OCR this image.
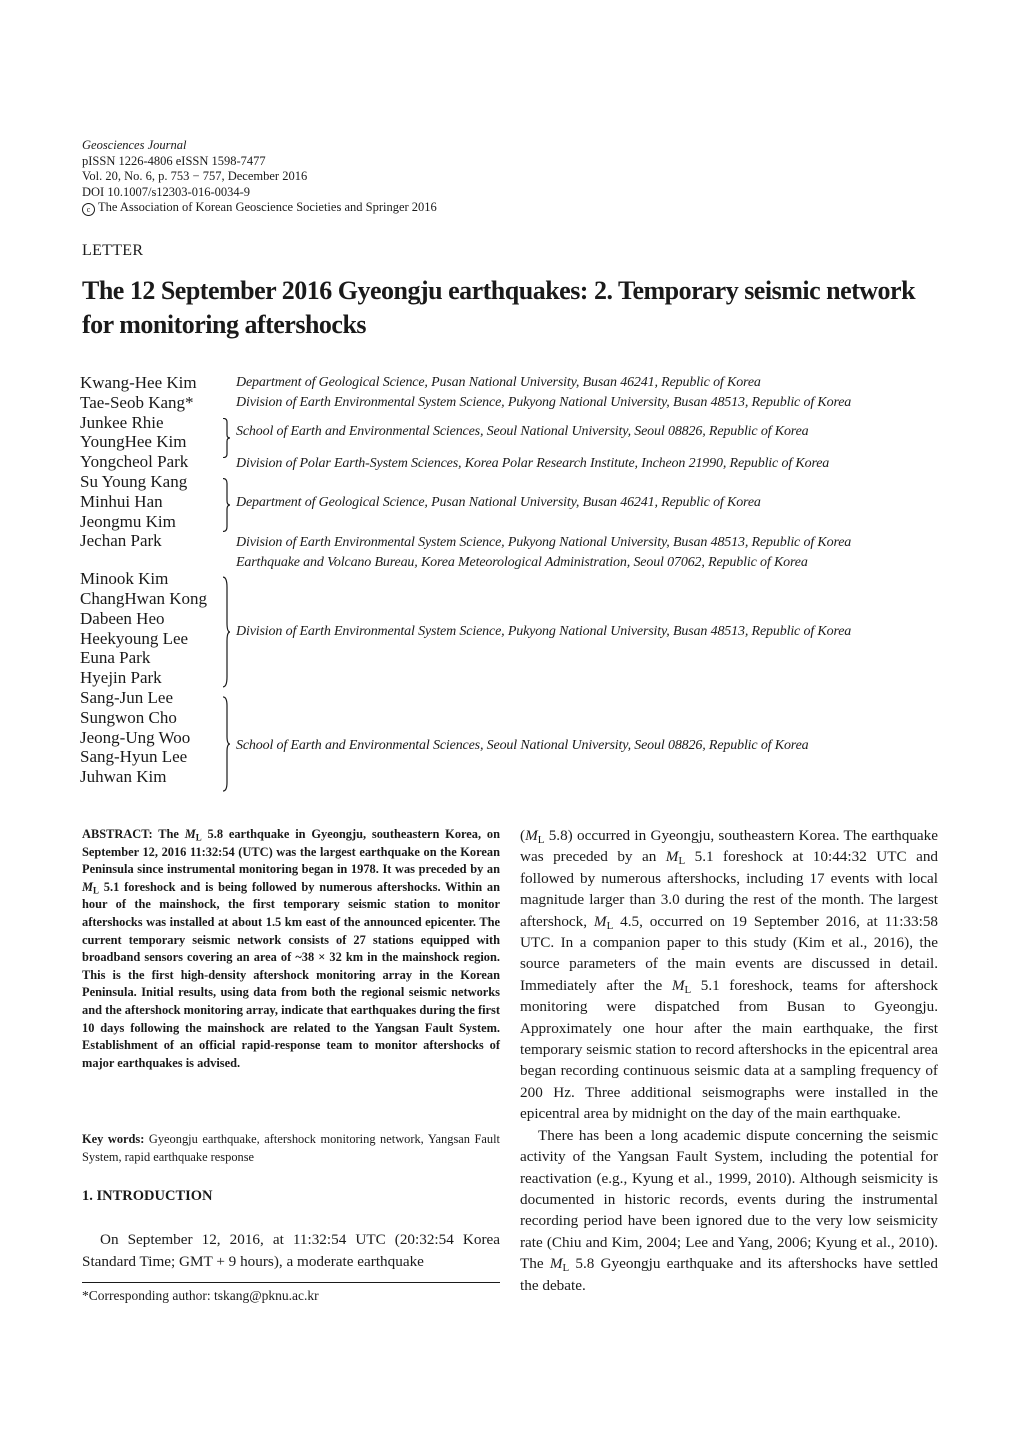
Geosciences Journal
pISSN 1226-4806 eISSN 1598-7477
Vol. 20, No. 6, p. 753 − 757, December 2016
DOI 10.1007/s12303-016-0034-9
c The Association of Korean Geoscience Societies and Springer 2016
LETTER
The 12 September 2016 Gyeongju earthquakes: 2. Temporary seismic network for monitoring aftershocks
Kwang-Hee Kim
Tae-Seob Kang*
Junkee Rhie
YoungHee Kim
Yongcheol Park
Su Young Kang
Minhui Han
Jeongmu Kim
Jechan Park
Minook Kim
ChangHwan Kong
Dabeen Heo
Heekyoung Lee
Euna Park
Hyejin Park
Sang-Jun Lee
Sungwon Cho
Jeong-Ung Woo
Sang-Hyun Lee
Juhwan Kim
Department of Geological Science, Pusan National University, Busan 46241, Republic of Korea
Division of Earth Environmental System Science, Pukyong National University, Busan 48513, Republic of Korea
School of Earth and Environmental Sciences, Seoul National University, Seoul 08826, Republic of Korea
Division of Polar Earth-System Sciences, Korea Polar Research Institute, Incheon 21990, Republic of Korea
Department of Geological Science, Pusan National University, Busan 46241, Republic of Korea
Division of Earth Environmental System Science, Pukyong National University, Busan 48513, Republic of Korea
Earthquake and Volcano Bureau, Korea Meteorological Administration, Seoul 07062, Republic of Korea
Division of Earth Environmental System Science, Pukyong National University, Busan 48513, Republic of Korea
School of Earth and Environmental Sciences, Seoul National University, Seoul 08826, Republic of Korea
ABSTRACT: The $M_L$ 5.8 earthquake in Gyeongju, southeastern Korea, on September 12, 2016 11:32:54 (UTC) was the largest earthquake on the Korean Peninsula since instrumental monitoring began in 1978. It was preceded by an $M_L$ 5.1 foreshock and is being followed by numerous aftershocks. Within an hour of the mainshock, the first temporary seismic station to monitor aftershocks was installed at about 1.5 km east of the announced epicenter. The current temporary seismic network consists of 27 stations equipped with broadband sensors covering an area of ~38 × 32 km in the mainshock region. This is the first high-density aftershock monitoring array in the Korean Peninsula. Initial results, using data from both the regional seismic networks and the aftershock monitoring array, indicate that earthquakes during the first 10 days following the mainshock are related to the Yangsan Fault System. Establishment of an official rapid-response team to monitor aftershocks of major earthquakes is advised.
Key words: Gyeongju earthquake, aftershock monitoring network, Yangsan Fault System, rapid earthquake response
1. INTRODUCTION
On September 12, 2016, at 11:32:54 UTC (20:32:54 Korea Standard Time; GMT + 9 hours), a moderate earthquake
*Corresponding author: tskang@pknu.ac.kr

($M_L$ 5.8) occurred in Gyeongju, southeastern Korea. The earthquake was preceded by an $M_L$ 5.1 foreshock at 10:44:32 UTC and followed by numerous aftershocks, including 17 events with local magnitude larger than 3.0 during the rest of the month. The largest aftershock, $M_L$ 4.5, occurred on 19 September 2016, at 11:33:58 UTC. In a companion paper to this study (Kim et al., 2016), the source parameters of the main events are discussed in detail. Immediately after the $M_L$ 5.1 foreshock, teams for aftershock monitoring were dispatched from Busan to Gyeongju. Approximately one hour after the main earthquake, the first temporary seismic station to record aftershocks in the epicentral area began recording continuous seismic data at a sampling frequency of 200 Hz. Three additional seismographs were installed in the epicentral area by midnight on the day of the main earthquake.

There has been a long academic dispute concerning the seismic activity of the Yangsan Fault System, including the potential for reactivation (e.g., Kyung et al., 1999, 2010). Although seismicity is documented in historic records, events during the instrumental recording period have been ignored due to the very low seismicity rate (Chiu and Kim, 2004; Lee and Yang, 2006; Kyung et al., 2010). The $M_L$ 5.8 Gyeongju earthquake and its aftershocks have settled the debate.
